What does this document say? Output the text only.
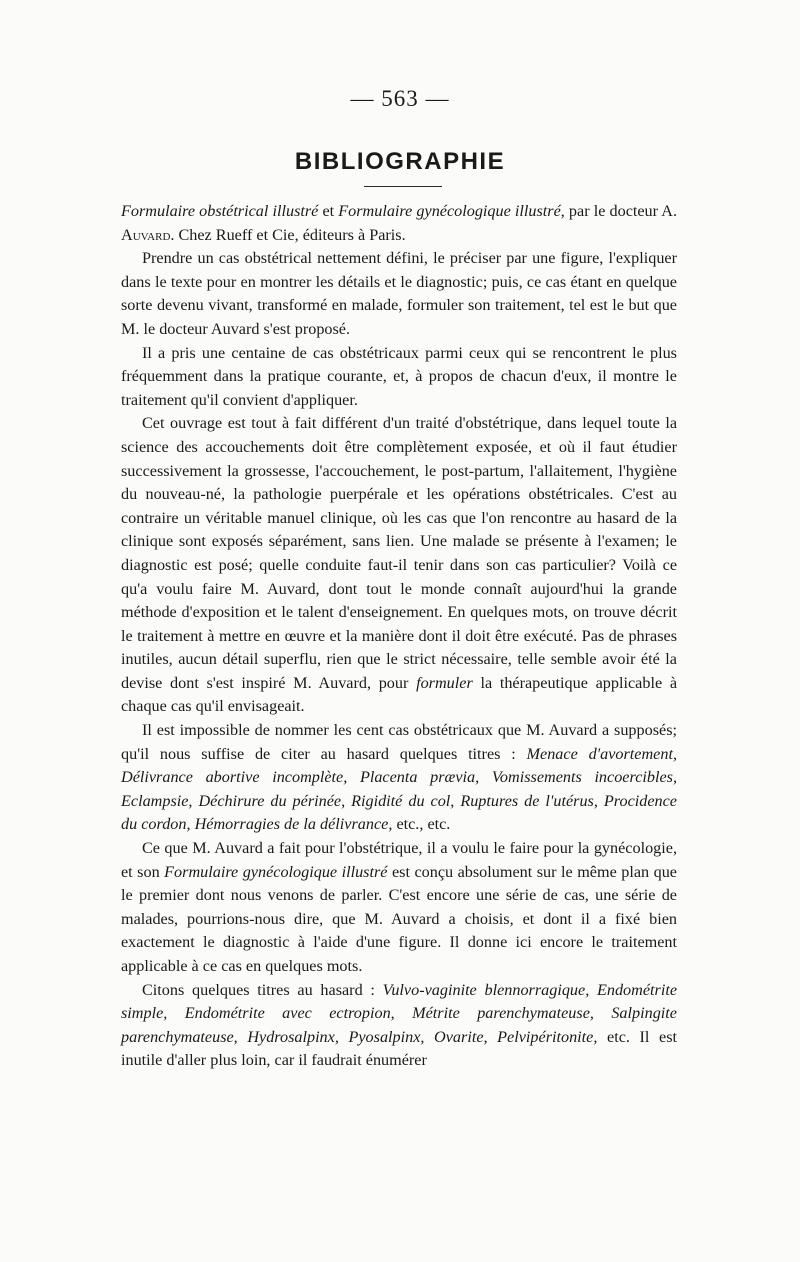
— 563 —
BIBLIOGRAPHIE

Formulaire obstétrical illustré et Formulaire gynécologique illustré, par le docteur A. Auvard. Chez Rueff et Cie, éditeurs à Paris.

Prendre un cas obstétrical nettement défini, le préciser par une figure, l'expliquer dans le texte pour en montrer les détails et le diagnostic; puis, ce cas étant en quelque sorte devenu vivant, transformé en malade, formuler son traitement, tel est le but que M. le docteur Auvard s'est proposé.

Il a pris une centaine de cas obstétricaux parmi ceux qui se rencontrent le plus fréquemment dans la pratique courante, et, à propos de chacun d'eux, il montre le traitement qu'il convient d'appliquer.

Cet ouvrage est tout à fait différent d'un traité d'obstétrique, dans lequel toute la science des accouchements doit être complètement exposée, et où il faut étudier successivement la grossesse, l'accouchement, le post-partum, l'allaitement, l'hygiène du nouveau-né, la pathologie puerpérale et les opérations obstétricales. C'est au contraire un véritable manuel clinique, où les cas que l'on rencontre au hasard de la clinique sont exposés séparément, sans lien. Une malade se présente à l'examen; le diagnostic est posé; quelle conduite faut-il tenir dans son cas particulier? Voilà ce qu'a voulu faire M. Auvard, dont tout le monde connaît aujourd'hui la grande méthode d'exposition et le talent d'enseignement. En quelques mots, on trouve décrit le traitement à mettre en œuvre et la manière dont il doit être exécuté. Pas de phrases inutiles, aucun détail superflu, rien que le strict nécessaire, telle semble avoir été la devise dont s'est inspiré M. Auvard, pour formuler la thérapeutique applicable à chaque cas qu'il envisageait.

Il est impossible de nommer les cent cas obstétricaux que M. Auvard a supposés; qu'il nous suffise de citer au hasard quelques titres : Menace d'avortement, Délivrance abortive incomplète, Placenta prævia, Vomissements incoercibles, Eclampsie, Déchirure du périnée, Rigidité du col, Ruptures de l'utérus, Procidence du cordon, Hémorragies de la délivrance, etc., etc.

Ce que M. Auvard a fait pour l'obstétrique, il a voulu le faire pour la gynécologie, et son Formulaire gynécologique illustré est conçu absolument sur le même plan que le premier dont nous venons de parler. C'est encore une série de cas, une série de malades, pourrions-nous dire, que M. Auvard a choisis, et dont il a fixé bien exactement le diagnostic à l'aide d'une figure. Il donne ici encore le traitement applicable à ce cas en quelques mots.

Citons quelques titres au hasard : Vulvo-vaginite blennorragique, Endométrite simple, Endométrite avec ectropion, Métrite parenchymateuse, Salpingite parenchymateuse, Hydrosalpinx, Pyosalpinx, Ovarite, Pelvipéritonite, etc. Il est inutile d'aller plus loin, car il faudrait énumérer
